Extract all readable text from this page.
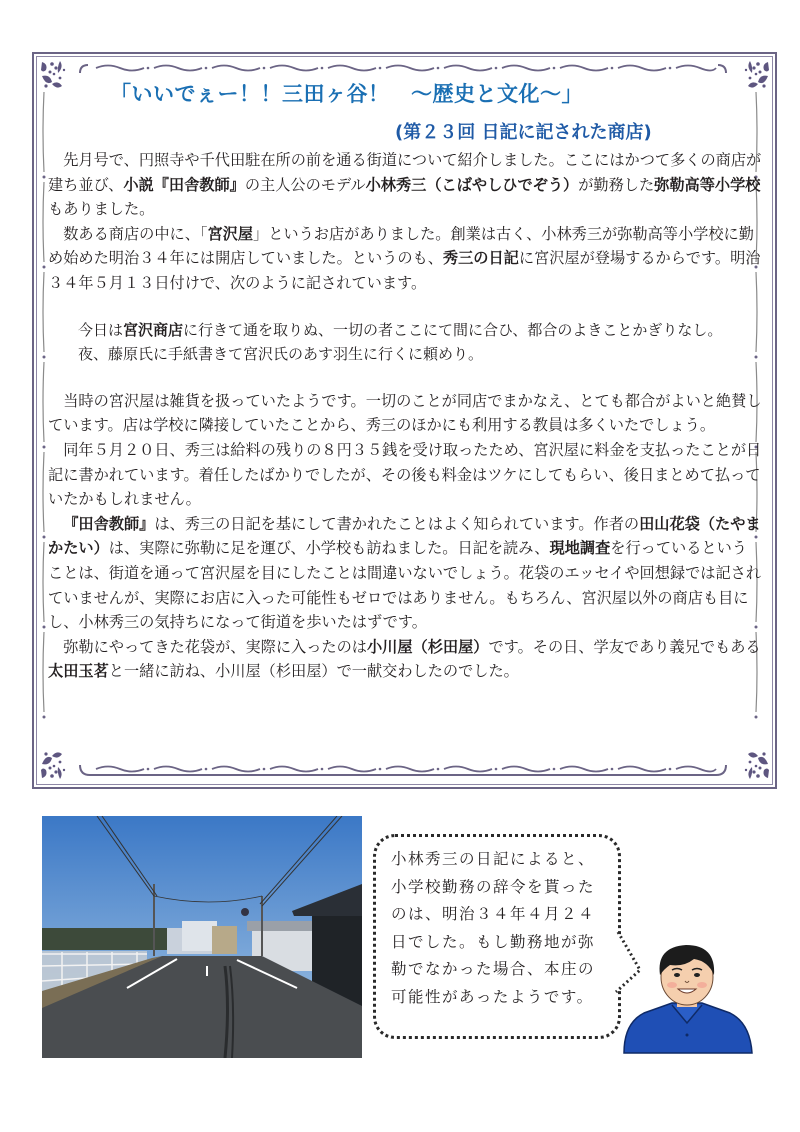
「いいでぇー！！三田ヶ谷！　～歴史と文化～」
(第２３回 日記に記された商店)

先月号で、円照寺や千代田駐在所の前を通る街道について紹介しました。ここにはかつて多くの商店が建ち並び、小説『田舎教師』の主人公のモデル小林秀三（こばやしひでぞう）が勤務した弥勒高等小学校もありました。

数ある商店の中に、「宮沢屋」というお店がありました。創業は古く、小林秀三が弥勒高等小学校に勤め始めた明治３４年には開店していました。というのも、秀三の日記に宮沢屋が登場するからです。明治３４年５月１３日付けで、次のように記されています。

今日は宮沢商店に行きて通を取りぬ、一切の者ここにて間に合ひ、都合のよきことかぎりなし。
夜、藤原氏に手紙書きて宮沢氏のあす羽生に行くに頼めり。

当時の宮沢屋は雑貨を扱っていたようです。一切のことが同店でまかなえ、とても都合がよいと絶賛しています。店は学校に隣接していたことから、秀三のほかにも利用する教員は多くいたでしょう。

同年５月２０日、秀三は給料の残りの８円３５銭を受け取ったため、宮沢屋に料金を支払ったことが日記に書かれています。着任したばかりでしたが、その後も料金はツケにしてもらい、後日まとめて払っていたかもしれません。

『田舎教師』は、秀三の日記を基にして書かれたことはよく知られています。作者の田山花袋（たやまかたい）は、実際に弥勒に足を運び、小学校も訪ねました。日記を読み、現地調査を行っているということは、街道を通って宮沢屋を目にしたことは間違いないでしょう。花袋のエッセイや回想録では記されていませんが、実際にお店に入った可能性もゼロではありません。もちろん、宮沢屋以外の商店も目にし、小林秀三の気持ちになって街道を歩いたはずです。

弥勒にやってきた花袋が、実際に入ったのは小川屋（杉田屋）です。その日、学友であり義兄でもある太田玉茗と一緒に訪ね、小川屋（杉田屋）で一献交わしたのでした。

小林秀三の日記によると、小学校勤務の辞令を貰ったのは、明治３４年４月２４日でした。もし勤務地が弥勒でなかった場合、本庄の可能性があったようです。
